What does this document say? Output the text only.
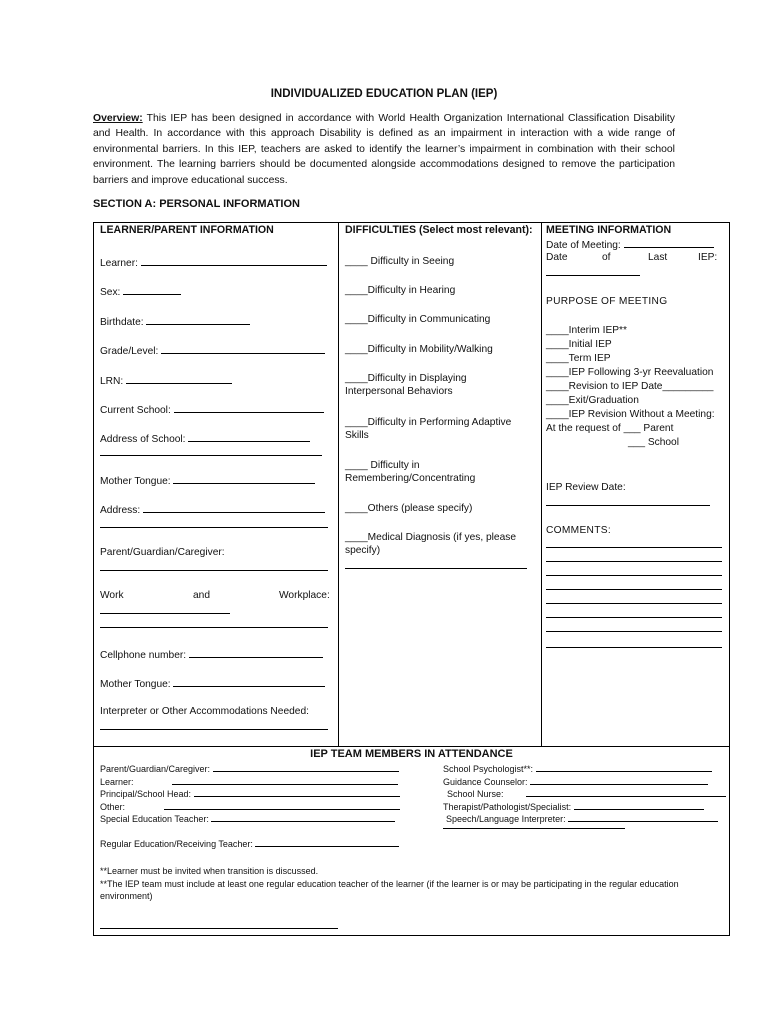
INDIVIDUALIZED EDUCATION PLAN (IEP)
Overview: This IEP has been designed in accordance with World Health Organization International Classification Disability and Health. In accordance with this approach Disability is defined as an impairment in interaction with a wide range of environmental barriers. In this IEP, teachers are asked to identify the learner’s impairment in combination with their school environment. The learning barriers should be documented alongside accommodations designed to remove the participation barriers and improve educational success.
SECTION A: PERSONAL INFORMATION
LEARNER/PARENT INFORMATION
Learner:
Sex:
Birthdate:
Grade/Level:
LRN:
Current School:
Address of School:
Mother Tongue:
Address:
Parent/Guardian/Caregiver:
Work	and	Workplace:
Cellphone number:
Mother Tongue:
Interpreter or Other Accommodations Needed:
DIFFICULTIES (Select most relevant):
____ Difficulty in Seeing
____Difficulty in Hearing
____Difficulty in Communicating
____Difficulty in Mobility/Walking
____Difficulty in Displaying
Interpersonal Behaviors
____Difficulty in Performing Adaptive
Skills
____ Difficulty in
Remembering/Concentrating
____Others (please specify)
____Medical Diagnosis (if yes, please
specify)
MEETING INFORMATION
Date of Meeting:
Date	of	Last	IEP:
PURPOSE OF MEETING
____Interim IEP**
____Initial IEP
____Term IEP
____IEP Following 3-yr Reevaluation
____Revision to IEP Date_________
____Exit/Graduation
____IEP Revision Without a Meeting:
At the request of ___ Parent
___ School
IEP Review Date:
COMMENTS:
IEP TEAM MEMBERS IN ATTENDANCE
Parent/Guardian/Caregiver:
Learner:
Principal/School Head:
Other:
Special Education Teacher:
School Psychologist**:
Guidance Counselor:
School Nurse:
Therapist/Pathologist/Specialist:
Speech/Language Interpreter:
Regular Education/Receiving Teacher:
**Learner must be invited when transition is discussed.
**The IEP team must include at least one regular education teacher of the learner (if the learner is or may be participating in the regular education environment)
